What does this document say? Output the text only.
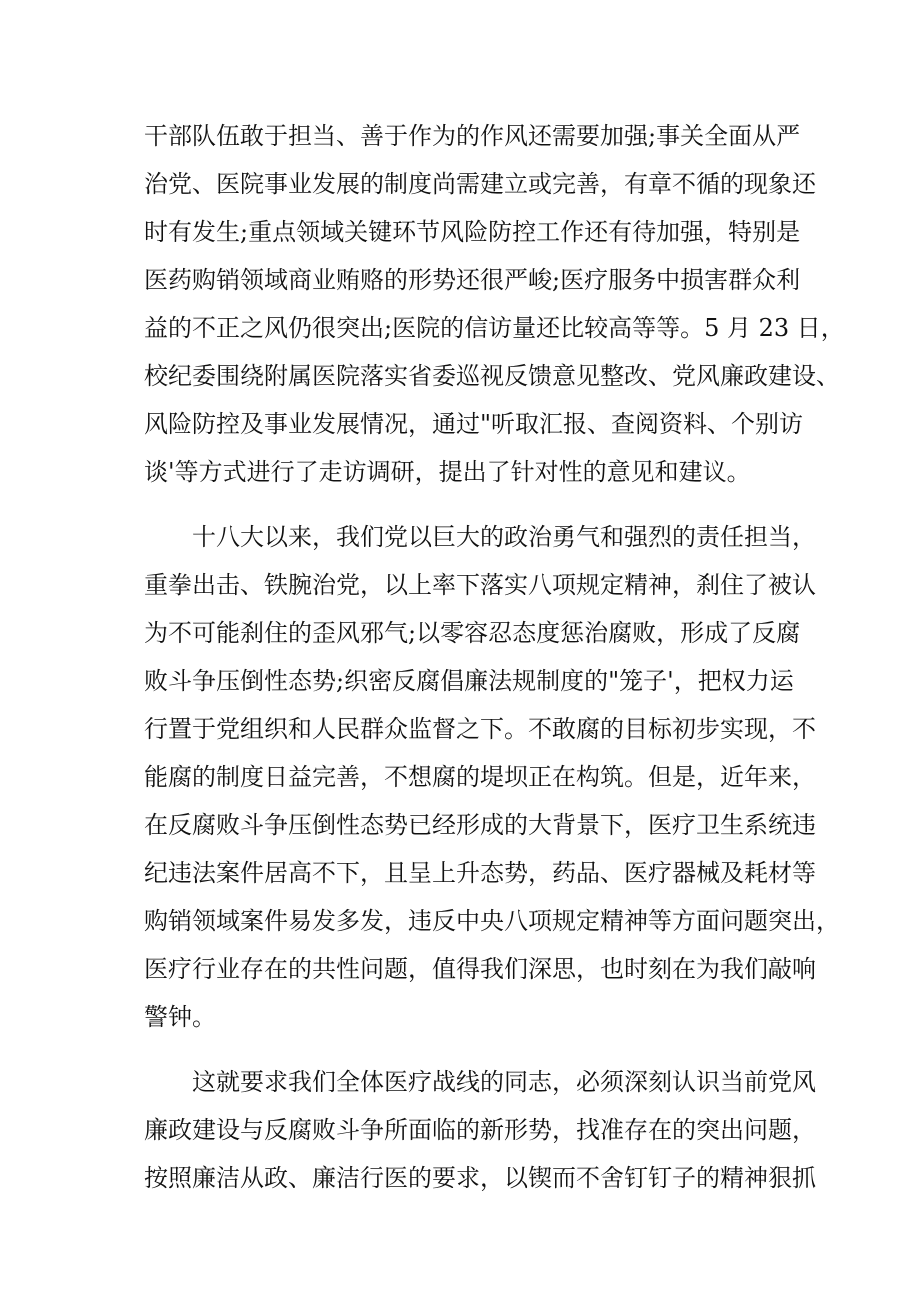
干部队伍敢于担当、善于作为的作风还需要加强;事关全面从严
治党、医院事业发展的制度尚需建立或完善，有章不循的现象还
时有发生;重点领域关键环节风险防控工作还有待加强，特别是
医药购销领域商业贿赂的形势还很严峻;医疗服务中损害群众利
益的不正之风仍很突出;医院的信访量还比较高等等。5 月 23 日，
校纪委围绕附属医院落实省委巡视反馈意见整改、党风廉政建设、
风险防控及事业发展情况，通过"听取汇报、查阅资料、个别访
谈'等方式进行了走访调研，提出了针对性的意见和建议。
十八大以来，我们党以巨大的政治勇气和强烈的责任担当，
重拳出击、铁腕治党，以上率下落实八项规定精神，刹住了被认
为不可能刹住的歪风邪气;以零容忍态度惩治腐败，形成了反腐
败斗争压倒性态势;织密反腐倡廉法规制度的"笼子'，把权力运
行置于党组织和人民群众监督之下。不敢腐的目标初步实现，不
能腐的制度日益完善，不想腐的堤坝正在构筑。但是，近年来，
在反腐败斗争压倒性态势已经形成的大背景下，医疗卫生系统违
纪违法案件居高不下，且呈上升态势，药品、医疗器械及耗材等
购销领域案件易发多发，违反中央八项规定精神等方面问题突出，
医疗行业存在的共性问题，值得我们深思，也时刻在为我们敲响
警钟。
这就要求我们全体医疗战线的同志，必须深刻认识当前党风
廉政建设与反腐败斗争所面临的新形势，找准存在的突出问题，
按照廉洁从政、廉洁行医的要求，以锲而不舍钉钉子的精神狠抓
